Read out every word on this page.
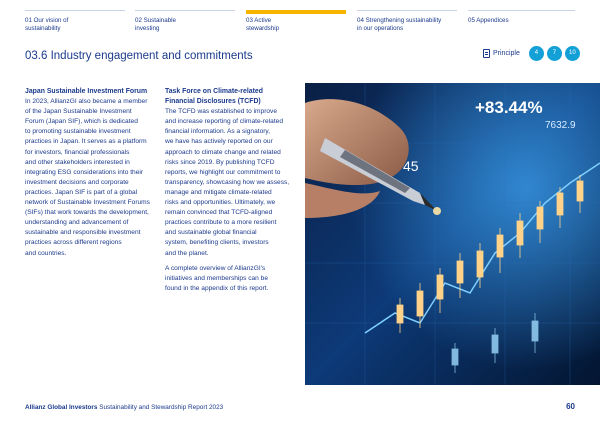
01 Our vision of
sustainability
02 Sustainable
investing
03 Active
stewardship
04 Strengthening sustainability
in our operations
05 Appendices
03.6 Industry engagement and commitments	Principle	4	7	10
Japan Sustainable Investment Forum

In 2023, AllianzGI also became a member
of the Japan Sustainable Investment
Forum (Japan SIF), which is dedicated
to promoting sustainable investment
practices in Japan. It serves as a platform
for investors, financial professionals
and other stakeholders interested in
integrating ESG considerations into their
investment decisions and corporate
practices. Japan SIF is part of a global
network of Sustainable Investment Forums
(SIFs) that work towards the development,
understanding and advancement of
sustainable and responsible investment
practices across different regions
and countries.

Task Force on Climate-related
Financial Disclosures (TCFD)

The TCFD was established to improve
and increase reporting of climate-related
financial information. As a signatory,
we have has actively reported on our
approach to climate change and related
risks since 2019. By publishing TCFD
reports, we highlight our commitment to
transparency, showcasing how we assess,
manage and mitigate climate-related
risks and opportunities. Ultimately, we
remain convinced that TCFD-aligned
practices contribute to a more resilient
and sustainable global financial
system, benefiting clients, investors
and the planet.

A complete overview of AllianzGI's
initiatives and memberships can be
found in the appendix of this report.

+83.44%
7632.9
45
Allianz Global Investors Sustainability and Stewardship Report 2023	60
